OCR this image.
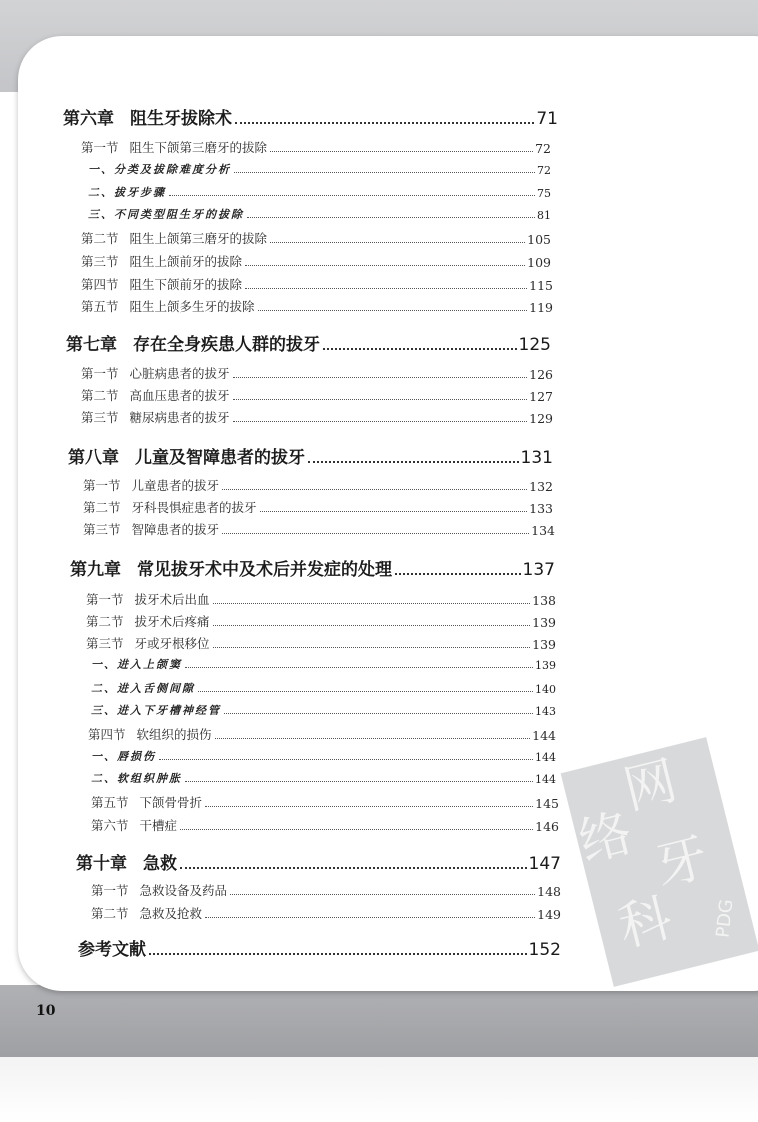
网
络 牙
科 PDG
第六章 阻生牙拔除术	71
第一节 阻生下颌第三磨牙的拔除	72
一、分类及拔除难度分析	72
二、拔牙步骤	75
三、不同类型阻生牙的拔除	81
第二节 阻生上颌第三磨牙的拔除	105
第三节 阻生上颌前牙的拔除	109
第四节 阻生下颌前牙的拔除	115
第五节 阻生上颌多生牙的拔除	119
第七章 存在全身疾患人群的拔牙	125
第一节 心脏病患者的拔牙	126
第二节 高血压患者的拔牙	127
第三节 糖尿病患者的拔牙	129
第八章 儿童及智障患者的拔牙	131
第一节 儿童患者的拔牙	132
第二节 牙科畏惧症患者的拔牙	133
第三节 智障患者的拔牙	134
第九章 常见拔牙术中及术后并发症的处理	137
第一节 拔牙术后出血	138
第二节 拔牙术后疼痛	139
第三节 牙或牙根移位	139
一、进入上颌窦	139
二、进入舌侧间隙	140
三、进入下牙槽神经管	143
第四节 软组织的损伤	144
一、唇损伤	144
二、软组织肿胀	144
第五节 下颌骨骨折	145
第六节 干槽症	146
第十章 急救	147
第一节 急救设备及药品	148
第二节 急救及抢救	149
参考文献	152
10
